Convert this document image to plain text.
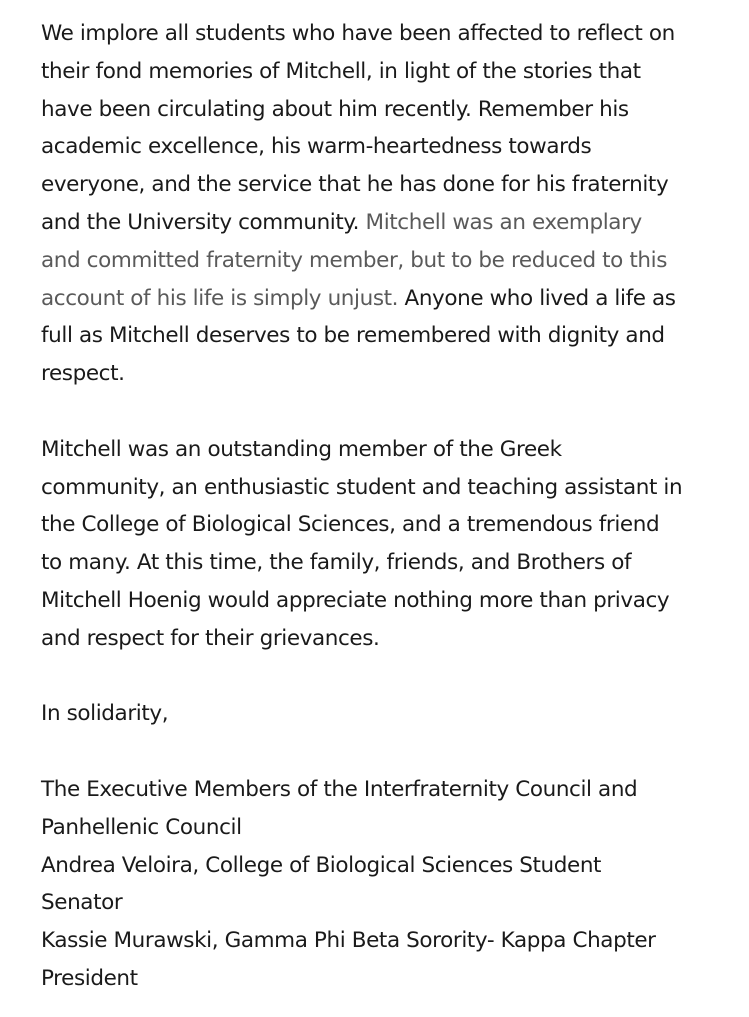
We implore all students who have been affected to reflect on
their fond memories of Mitchell, in light of the stories that
have been circulating about him recently. Remember his
academic excellence, his warm-heartedness towards
everyone, and the service that he has done for his fraternity
and the University community. Mitchell was an exemplary
and committed fraternity member, but to be reduced to this
account of his life is simply unjust. Anyone who lived a life as
full as Mitchell deserves to be remembered with dignity and
respect.

Mitchell was an outstanding member of the Greek
community, an enthusiastic student and teaching assistant in
the College of Biological Sciences, and a tremendous friend
to many. At this time, the family, friends, and Brothers of
Mitchell Hoenig would appreciate nothing more than privacy
and respect for their grievances.

In solidarity,

The Executive Members of the Interfraternity Council and
Panhellenic Council
Andrea Veloira, College of Biological Sciences Student
Senator
Kassie Murawski, Gamma Phi Beta Sorority- Kappa Chapter
President
